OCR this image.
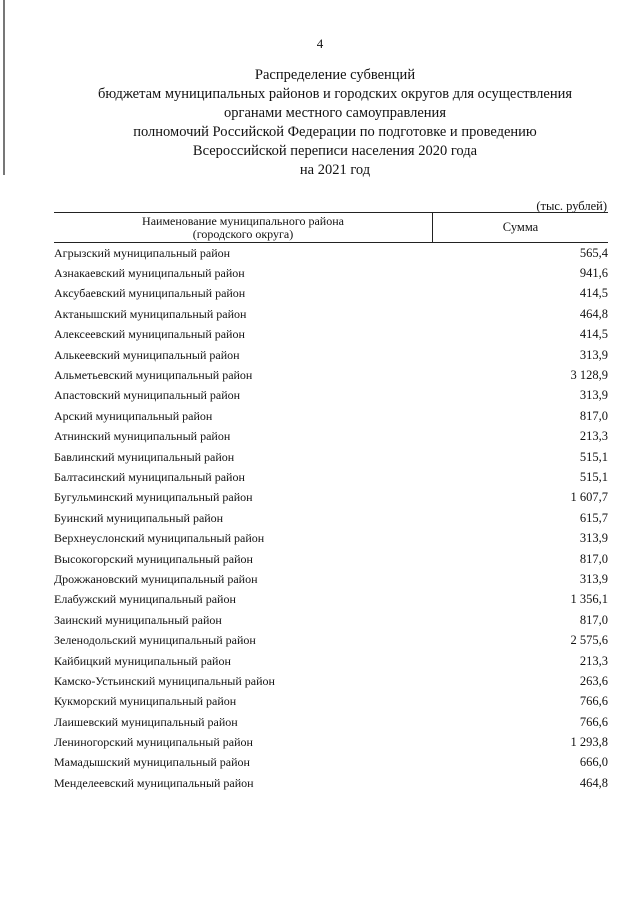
4
Распределение субвенций
бюджетам муниципальных районов и городских округов для осуществления
органами местного самоуправления
полномочий Российской Федерации по подготовке и проведению
Всероссийской переписи населения 2020 года
на 2021 год
(тыс. рублей)
Наименование муниципального района
(городского округа)	Сумма
Агрызский муниципальный район	565,4
Азнакаевский муниципальный район	941,6
Аксубаевский муниципальный район	414,5
Актанышский муниципальный район	464,8
Алексеевский муниципальный район	414,5
Алькеевский муниципальный район	313,9
Альметьевский муниципальный район	3 128,9
Апастовский муниципальный район	313,9
Арский муниципальный район	817,0
Атнинский муниципальный район	213,3
Бавлинский муниципальный район	515,1
Балтасинский муниципальный район	515,1
Бугульминский муниципальный район	1 607,7
Буинский муниципальный район	615,7
Верхнеуслонский муниципальный район	313,9
Высокогорский муниципальный район	817,0
Дрожжановский муниципальный район	313,9
Елабужский муниципальный район	1 356,1
Заинский муниципальный район	817,0
Зеленодольский муниципальный район	2 575,6
Кайбицкий муниципальный район	213,3
Камско-Устьинский муниципальный район	263,6
Кукморский муниципальный район	766,6
Лаишевский муниципальный район	766,6
Лениногорский муниципальный район	1 293,8
Мамадышский муниципальный район	666,0
Менделеевский муниципальный район	464,8
